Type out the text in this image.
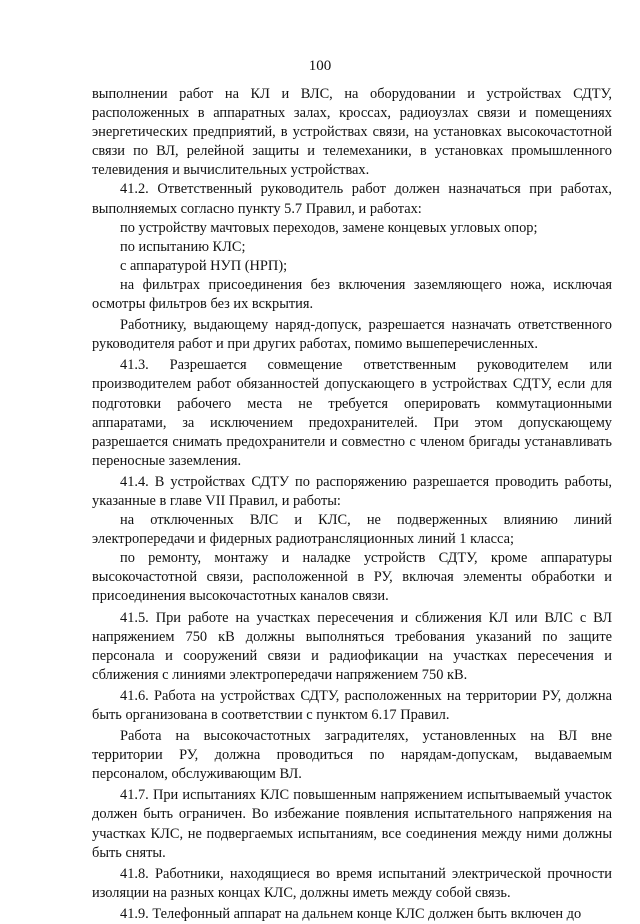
100

выполнении работ на КЛ и ВЛС, на оборудовании и устройствах СДТУ, расположенных в аппаратных залах, кроссах, радиоузлах связи и помещениях энергетических предприятий, в устройствах связи, на установках высокочастотной связи по ВЛ, релейной защиты и телемеханики, в установках промышленного телевидения и вычислительных устройствах.

41.2. Ответственный руководитель работ должен назначаться при работах, выполняемых согласно пункту 5.7 Правил, и работах:

по устройству мачтовых переходов, замене концевых угловых опор;

по испытанию КЛС;

с аппаратурой НУП (НРП);

на фильтрах присоединения без включения заземляющего ножа, исключая осмотры фильтров без их вскрытия.

Работнику, выдающему наряд-допуск, разрешается назначать ответственного руководителя работ и при других работах, помимо вышеперечисленных.

41.3. Разрешается совмещение ответственным руководителем или производителем работ обязанностей допускающего в устройствах СДТУ, если для подготовки рабочего места не требуется оперировать коммутационными аппаратами, за исключением предохранителей. При этом допускающему разрешается снимать предохранители и совместно с членом бригады устанавливать переносные заземления.

41.4. В устройствах СДТУ по распоряжению разрешается проводить работы, указанные в главе VII Правил, и работы:

на отключенных ВЛС и КЛС, не подверженных влиянию линий электропередачи и фидерных радиотрансляционных линий 1 класса;

по ремонту, монтажу и наладке устройств СДТУ, кроме аппаратуры высокочастотной связи, расположенной в РУ, включая элементы обработки и присоединения высокочастотных каналов связи.

41.5. При работе на участках пересечения и сближения КЛ или ВЛС с ВЛ напряжением 750 кВ должны выполняться требования указаний по защите персонала и сооружений связи и радиофикации на участках пересечения и сближения с линиями электропередачи напряжением 750 кВ.

41.6. Работа на устройствах СДТУ, расположенных на территории РУ, должна быть организована в соответствии с пунктом 6.17 Правил.

Работа на высокочастотных заградителях, установленных на ВЛ вне территории РУ, должна проводиться по нарядам-допускам, выдаваемым персоналом, обслуживающим ВЛ.

41.7. При испытаниях КЛС повышенным напряжением испытываемый участок должен быть ограничен. Во избежание появления испытательного напряжения на участках КЛС, не подвергаемых испытаниям, все соединения между ними должны быть сняты.

41.8. Работники, находящиеся во время испытаний электрической прочности изоляции на разных концах КЛС, должны иметь между собой связь.

41.9. Телефонный аппарат на дальнем конце КЛС должен быть включен до
